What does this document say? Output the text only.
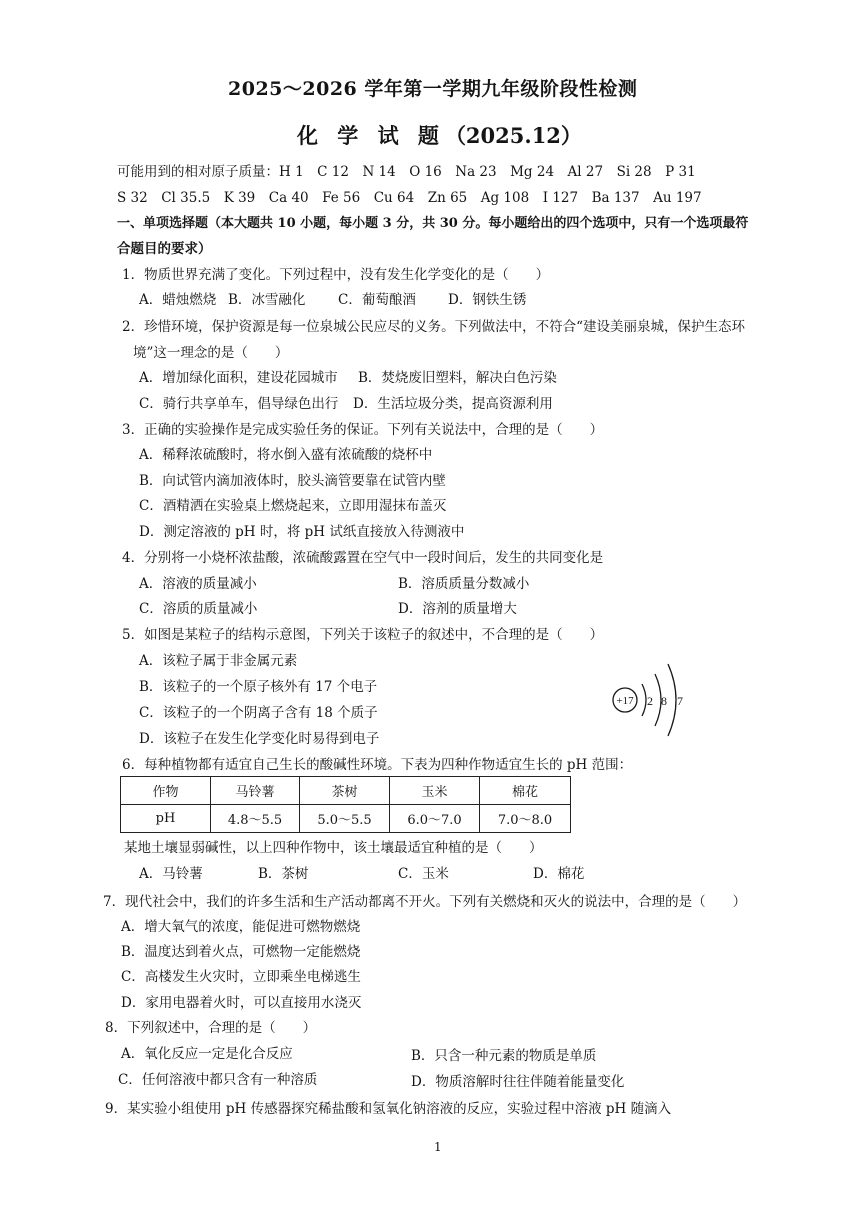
2025～2026 学年第一学期九年级阶段性检测
化 学 试 题（2025.12）
可能用到的相对原子质量：H 1　C 12　N 14　O 16　Na 23　Mg 24　Al 27　Si 28　P 31
S 32　Cl 35.5　K 39　Ca 40　Fe 56　Cu 64　Zn 65　Ag 108　I 127　Ba 137　Au 197
一、单项选择题（本大题共 10 小题，每小题 3 分，共 30 分。每小题给出的四个选项中，只有一个选项最符
合题目的要求）
1．物质世界充满了变化。下列过程中，没有发生化学变化的是（　　）
A．蜡烛燃烧 B．冰雪融化 C．葡萄酿酒 D．钢铁生锈
2．珍惜环境，保护资源是每一位泉城公民应尽的义务。下列做法中，不符合“建设美丽泉城，保护生态环
境”这一理念的是（　　）
A．增加绿化面积，建设花园城市 B．焚烧废旧塑料，解决白色污染
C．骑行共享单车，倡导绿色出行 D．生活垃圾分类，提高资源利用
3．正确的实验操作是完成实验任务的保证。下列有关说法中，合理的是（　　）
A．稀释浓硫酸时，将水倒入盛有浓硫酸的烧杯中
B．向试管内滴加液体时，胶头滴管要靠在试管内壁
C．酒精洒在实验桌上燃烧起来，立即用湿抹布盖灭
D．测定溶液的 pH 时，将 pH 试纸直接放入待测液中
4．分别将一小烧杯浓盐酸，浓硫酸露置在空气中一段时间后，发生的共同变化是
A．溶液的质量减小	B．溶质质量分数减小
C．溶质的质量减小	D．溶剂的质量增大
5．如图是某粒子的结构示意图，下列关于该粒子的叙述中，不合理的是（　　）
A．该粒子属于非金属元素
B．该粒子的一个原子核外有 17 个电子
C．该粒子的一个阴离子含有 18 个质子
D．该粒子在发生化学变化时易得到电子
+17 2 8 7
6．每种植物都有适宜自己生长的酸碱性环境。下表为四种作物适宜生长的 pH 范围：
作物	马铃薯	茶树	玉米	棉花
pH	4.8～5.5	5.0～5.5	6.0～7.0	7.0～8.0
某地土壤显弱碱性，以上四种作物中，该土壤最适宜种植的是（　　）
A．马铃薯	B．茶树	C．玉米	D．棉花
7．现代社会中，我们的许多生活和生产活动都离不开火。下列有关燃烧和灭火的说法中，合理的是（　　）
A．增大氧气的浓度，能促进可燃物燃烧
B．温度达到着火点，可燃物一定能燃烧
C．高楼发生火灾时，立即乘坐电梯逃生
D．家用电器着火时，可以直接用水浇灭
8．下列叙述中，合理的是（　　）
A．氧化反应一定是化合反应	B．只含一种元素的物质是单质
C．任何溶液中都只含有一种溶质	D．物质溶解时往往伴随着能量变化
9．某实验小组使用 pH 传感器探究稀盐酸和氢氧化钠溶液的反应，实验过程中溶液 pH 随滴入
1
